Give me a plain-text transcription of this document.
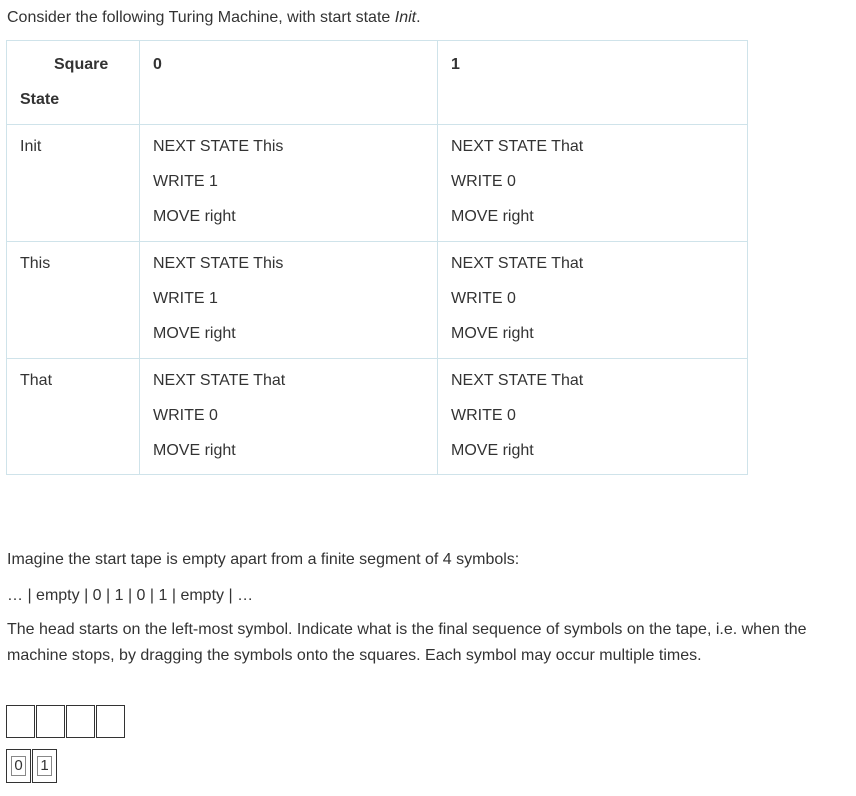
Consider the following Turing Machine, with start state Init.
Square
State	0	1

Init	NEXT STATE This
WRITE 1
MOVE right	NEXT STATE That
WRITE 0
MOVE right

This	NEXT STATE This
WRITE 1
MOVE right	NEXT STATE That
WRITE 0
MOVE right

That	NEXT STATE That
WRITE 0
MOVE right	NEXT STATE That
WRITE 0
MOVE right
Imagine the start tape is empty apart from a finite segment of 4 symbols:
… | empty | 0 | 1 | 0 | 1 | empty | …
The head starts on the left-most symbol. Indicate what is the final sequence of symbols on the tape, i.e. when the machine stops, by dragging the symbols onto the squares. Each symbol may occur multiple times.
0 1
